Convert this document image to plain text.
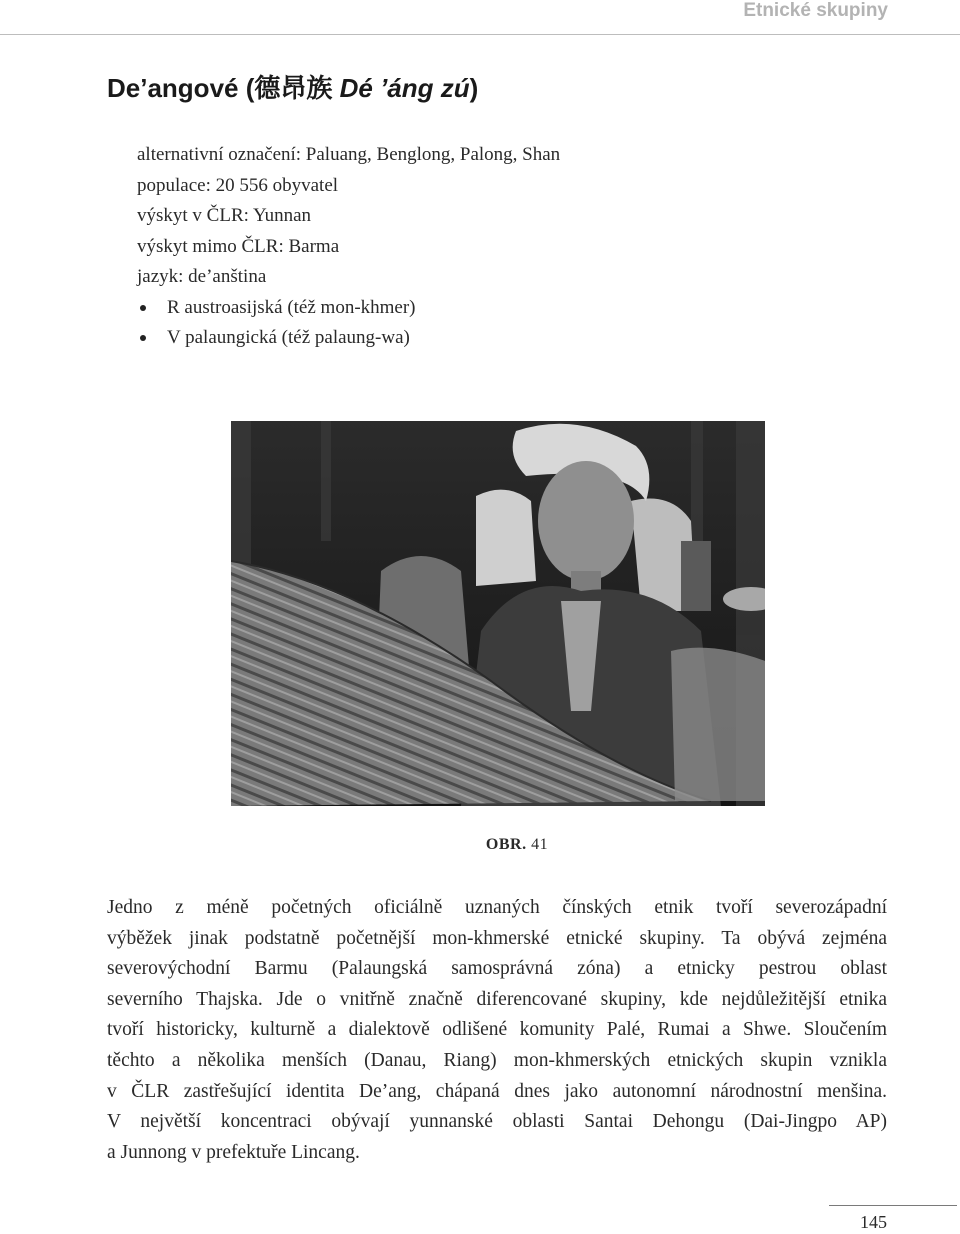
Etnické skupiny
De’angové (德昂族 Dé ’áng zú)
alternativní označení: Paluang, Benglong, Palong, Shan
populace: 20 556 obyvatel
výskyt v ČLR: Yunnan
výskyt mimo ČLR: Barma
jazyk: de’anština
R austroasijská (též mon-khmer)
V palaungická (též palaung-wa)
OBR. 41
Jedno z méně početných oficiálně uznaných čínských etnik tvoří severozápadní
výběžek jinak podstatně početnější mon-khmerské etnické skupiny. Ta obývá zejména
severovýchodní Barmu (Palaungská samosprávná zóna) a etnicky pestrou oblast
severního Thajska. Jde o vnitřně značně diferencované skupiny, kde nejdůležitější etnika
tvoří historicky, kulturně a dialektově odlišené komunity Palé, Rumai a Shwe. Sloučením
těchto a několika menších (Danau, Riang) mon-khmerských etnických skupin vznikla
v ČLR zastřešující identita De’ang, chápaná dnes jako autonomní národnostní menšina.
V největší koncentraci obývají yunnanské oblasti Santai Dehongu (Dai-Jingpo AP)
a Junnong v prefektuře Lincang.
145
